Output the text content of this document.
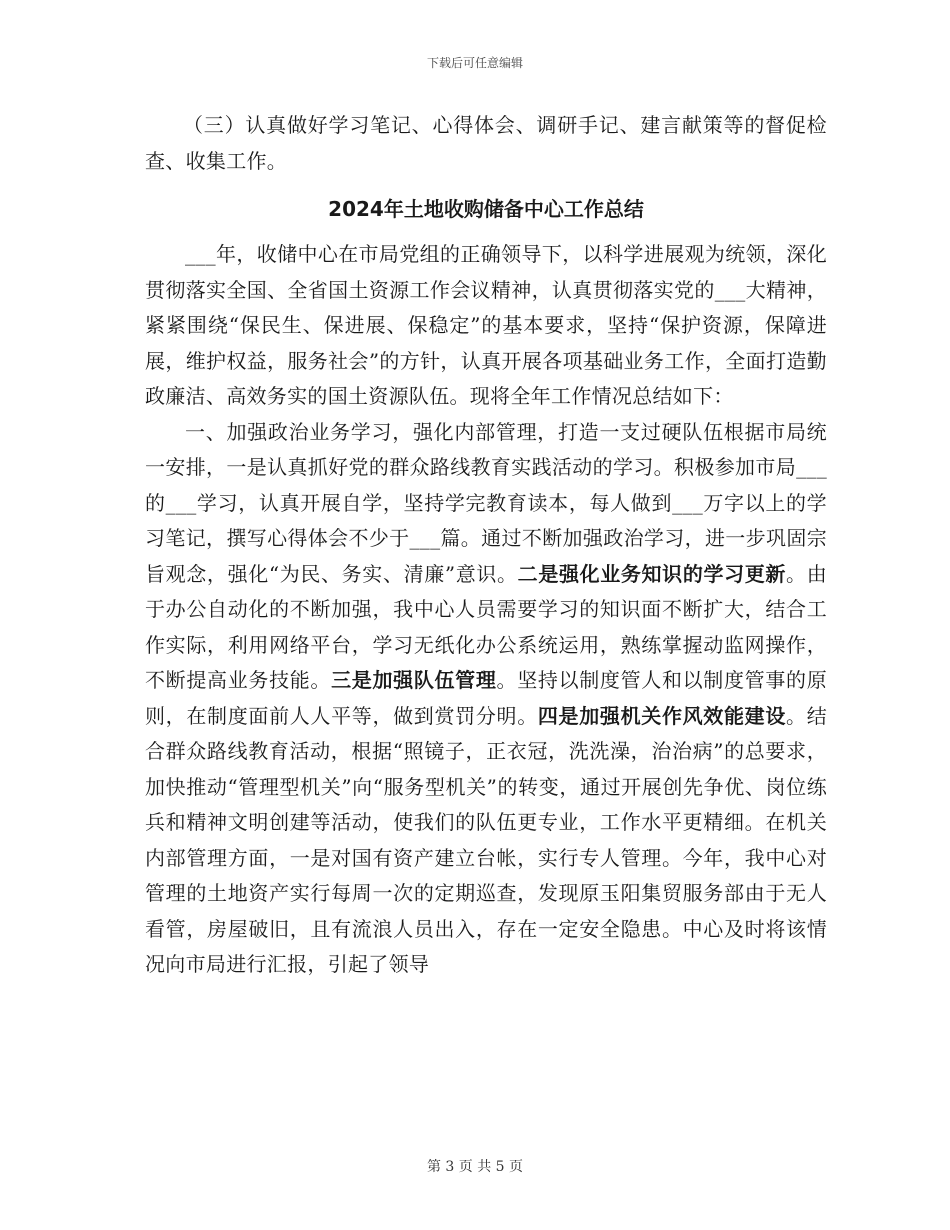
下载后可任意编辑

（三）认真做好学习笔记、心得体会、调研手记、建言献策等的督促检查、收集工作。

2024年土地收购储备中心工作总结

___年，收储中心在市局党组的正确领导下，以科学进展观为统领，深化贯彻落实全国、全省国土资源工作会议精神，认真贯彻落实党的___大精神，紧紧围绕“保民生、保进展、保稳定”的基本要求，坚持“保护资源，保障进展，维护权益，服务社会”的方针，认真开展各项基础业务工作，全面打造勤政廉洁、高效务实的国土资源队伍。现将全年工作情况总结如下：

一、加强政治业务学习，强化内部管理，打造一支过硬队伍根据市局统一安排，一是认真抓好党的群众路线教育实践活动的学习。积极参加市局___的___学习，认真开展自学，坚持学完教育读本，每人做到___万字以上的学习笔记，撰写心得体会不少于___篇。通过不断加强政治学习，进一步巩固宗旨观念，强化“为民、务实、清廉”意识。二是强化业务知识的学习更新。由于办公自动化的不断加强，我中心人员需要学习的知识面不断扩大，结合工作实际，利用网络平台，学习无纸化办公系统运用，熟练掌握动监网操作，不断提高业务技能。三是加强队伍管理。坚持以制度管人和以制度管事的原则，在制度面前人人平等，做到赏罚分明。四是加强机关作风效能建设。结合群众路线教育活动，根据“照镜子，正衣冠，洗洗澡，治治病”的总要求，加快推动“管理型机关”向“服务型机关”的转变，通过开展创先争优、岗位练兵和精神文明创建等活动，使我们的队伍更专业，工作水平更精细。在机关内部管理方面，一是对国有资产建立台帐，实行专人管理。今年，我中心对管理的土地资产实行每周一次的定期巡查，发现原玉阳集贸服务部由于无人看管，房屋破旧，且有流浪人员出入，存在一定安全隐患。中心及时将该情况向市局进行汇报，引起了领导

第 3 页 共 5 页
